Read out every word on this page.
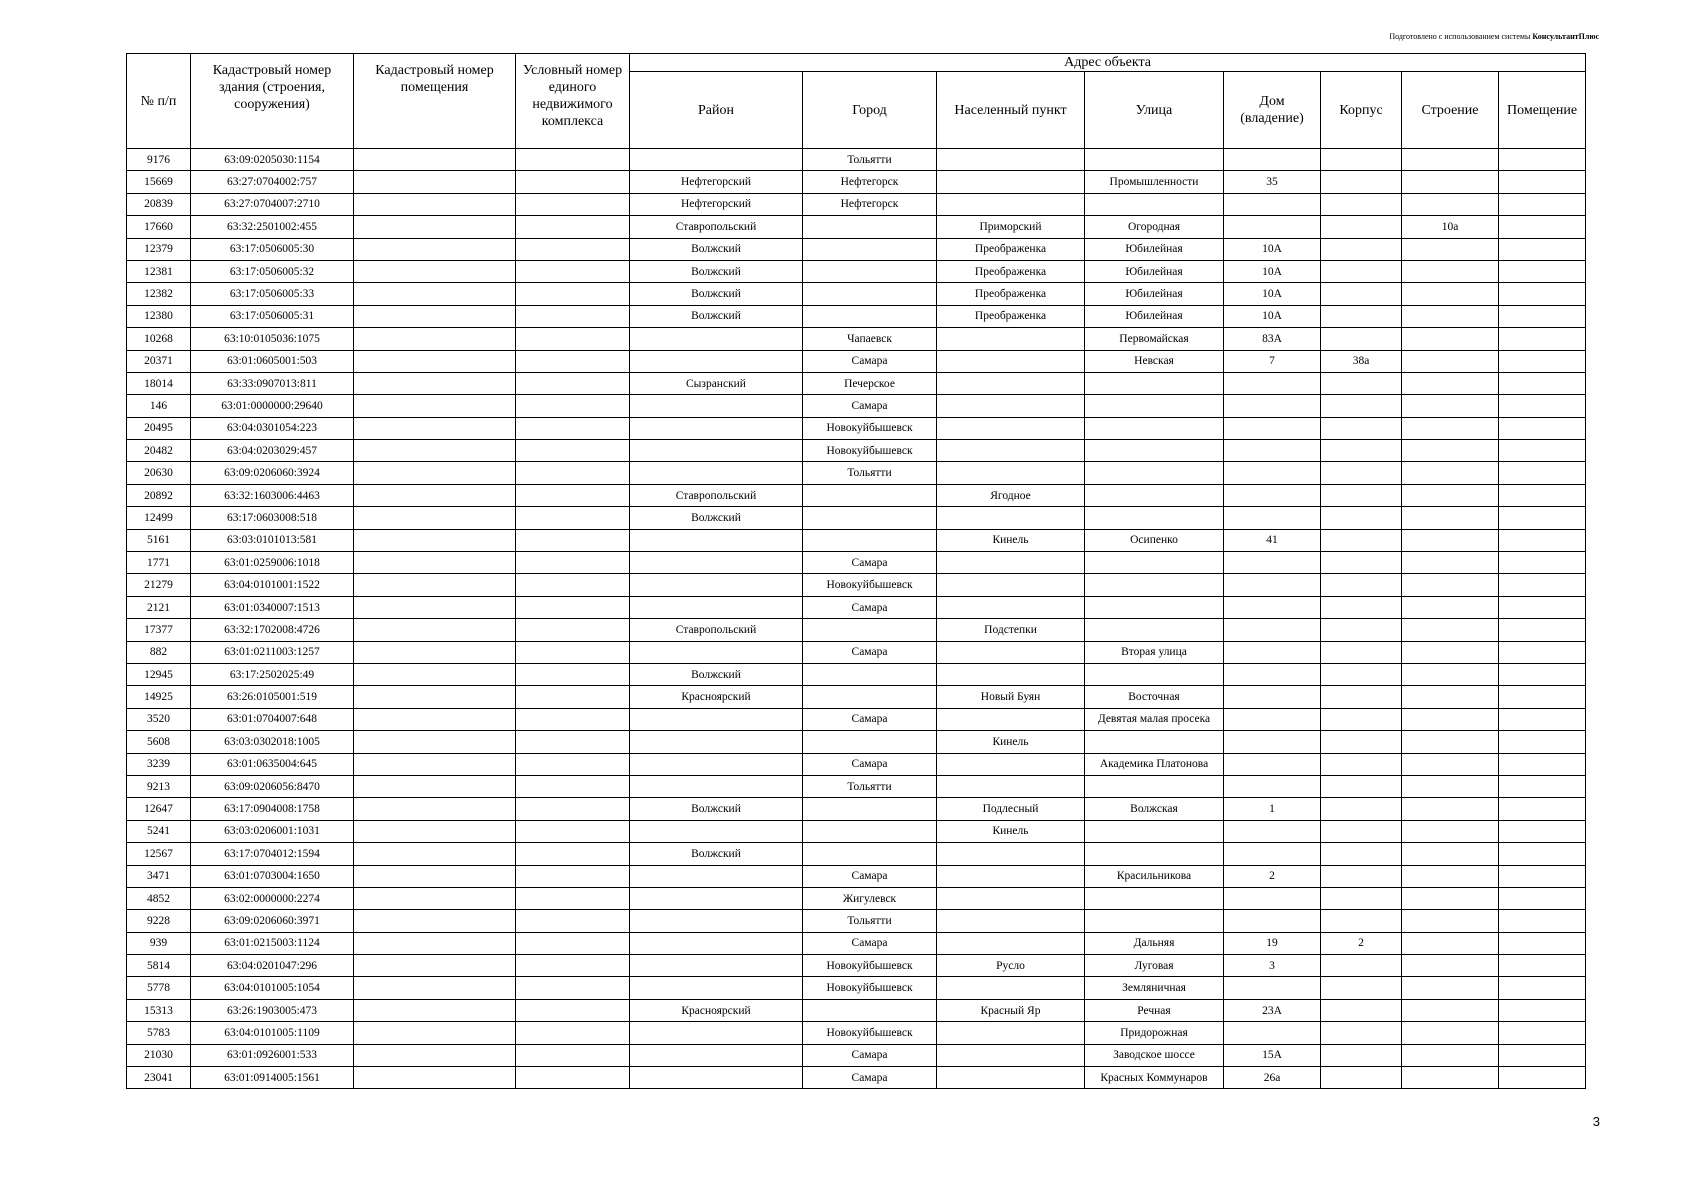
Подготовлено с использованием системы КонсультантПлюс
№ п/п	Кадастровый номер здания (строения, сооружения)	Кадастровый номер помещения	Условный номер единого недвижимого комплекса	Адрес объекта							
				Район	Город	Населенный пункт	Улица	Дом (владение)	Корпус	Строение	Помещение
9176	63:09:0205030:1154				Тольятти						
15669	63:27:0704002:757			Нефтегорский	Нефтегорск		Промышленности	35			
20839	63:27:0704007:2710			Нефтегорский	Нефтегорск						
17660	63:32:2501002:455			Ставропольский		Приморский	Огородная			10а	
12379	63:17:0506005:30			Волжский		Преображенка	Юбилейная	10А			
12381	63:17:0506005:32			Волжский		Преображенка	Юбилейная	10А			
12382	63:17:0506005:33			Волжский		Преображенка	Юбилейная	10А			
12380	63:17:0506005:31			Волжский		Преображенка	Юбилейная	10А			
10268	63:10:0105036:1075				Чапаевск		Первомайская	83А			
20371	63:01:0605001:503				Самара		Невская	7	38а		
18014	63:33:0907013:811			Сызранский	Печерское						
146	63:01:0000000:29640				Самара						
20495	63:04:0301054:223				Новокуйбышевск						
20482	63:04:0203029:457				Новокуйбышевск						
20630	63:09:0206060:3924				Тольятти						
20892	63:32:1603006:4463			Ставропольский		Ягодное					
12499	63:17:0603008:518			Волжский							
5161	63:03:0101013:581					Кинель	Осипенко	41			
1771	63:01:0259006:1018				Самара						
21279	63:04:0101001:1522				Новокуйбышевск						
2121	63:01:0340007:1513				Самара						
17377	63:32:1702008:4726			Ставропольский		Подстепки					
882	63:01:0211003:1257				Самара		Вторая улица				
12945	63:17:2502025:49			Волжский							
14925	63:26:0105001:519			Красноярский		Новый Буян	Восточная				
3520	63:01:0704007:648				Самара		Девятая малая просека				
5608	63:03:0302018:1005					Кинель					
3239	63:01:0635004:645				Самара		Академика Платонова				
9213	63:09:0206056:8470				Тольятти						
12647	63:17:0904008:1758			Волжский		Подлесный	Волжская	1			
5241	63:03:0206001:1031					Кинель					
12567	63:17:0704012:1594			Волжский							
3471	63:01:0703004:1650				Самара		Красильникова	2			
4852	63:02:0000000:2274				Жигулевск						
9228	63:09:0206060:3971				Тольятти						
939	63:01:0215003:1124				Самара		Дальняя	19	2		
5814	63:04:0201047:296				Новокуйбышевск	Русло	Луговая	3			
5778	63:04:0101005:1054				Новокуйбышевск		Земляничная				
15313	63:26:1903005:473			Красноярский		Красный Яр	Речная	23А			
5783	63:04:0101005:1109				Новокуйбышевск		Придорожная				
21030	63:01:0926001:533				Самара		Заводское шоссе	15А			
23041	63:01:0914005:1561				Самара		Красных Коммунаров	26а			
3
